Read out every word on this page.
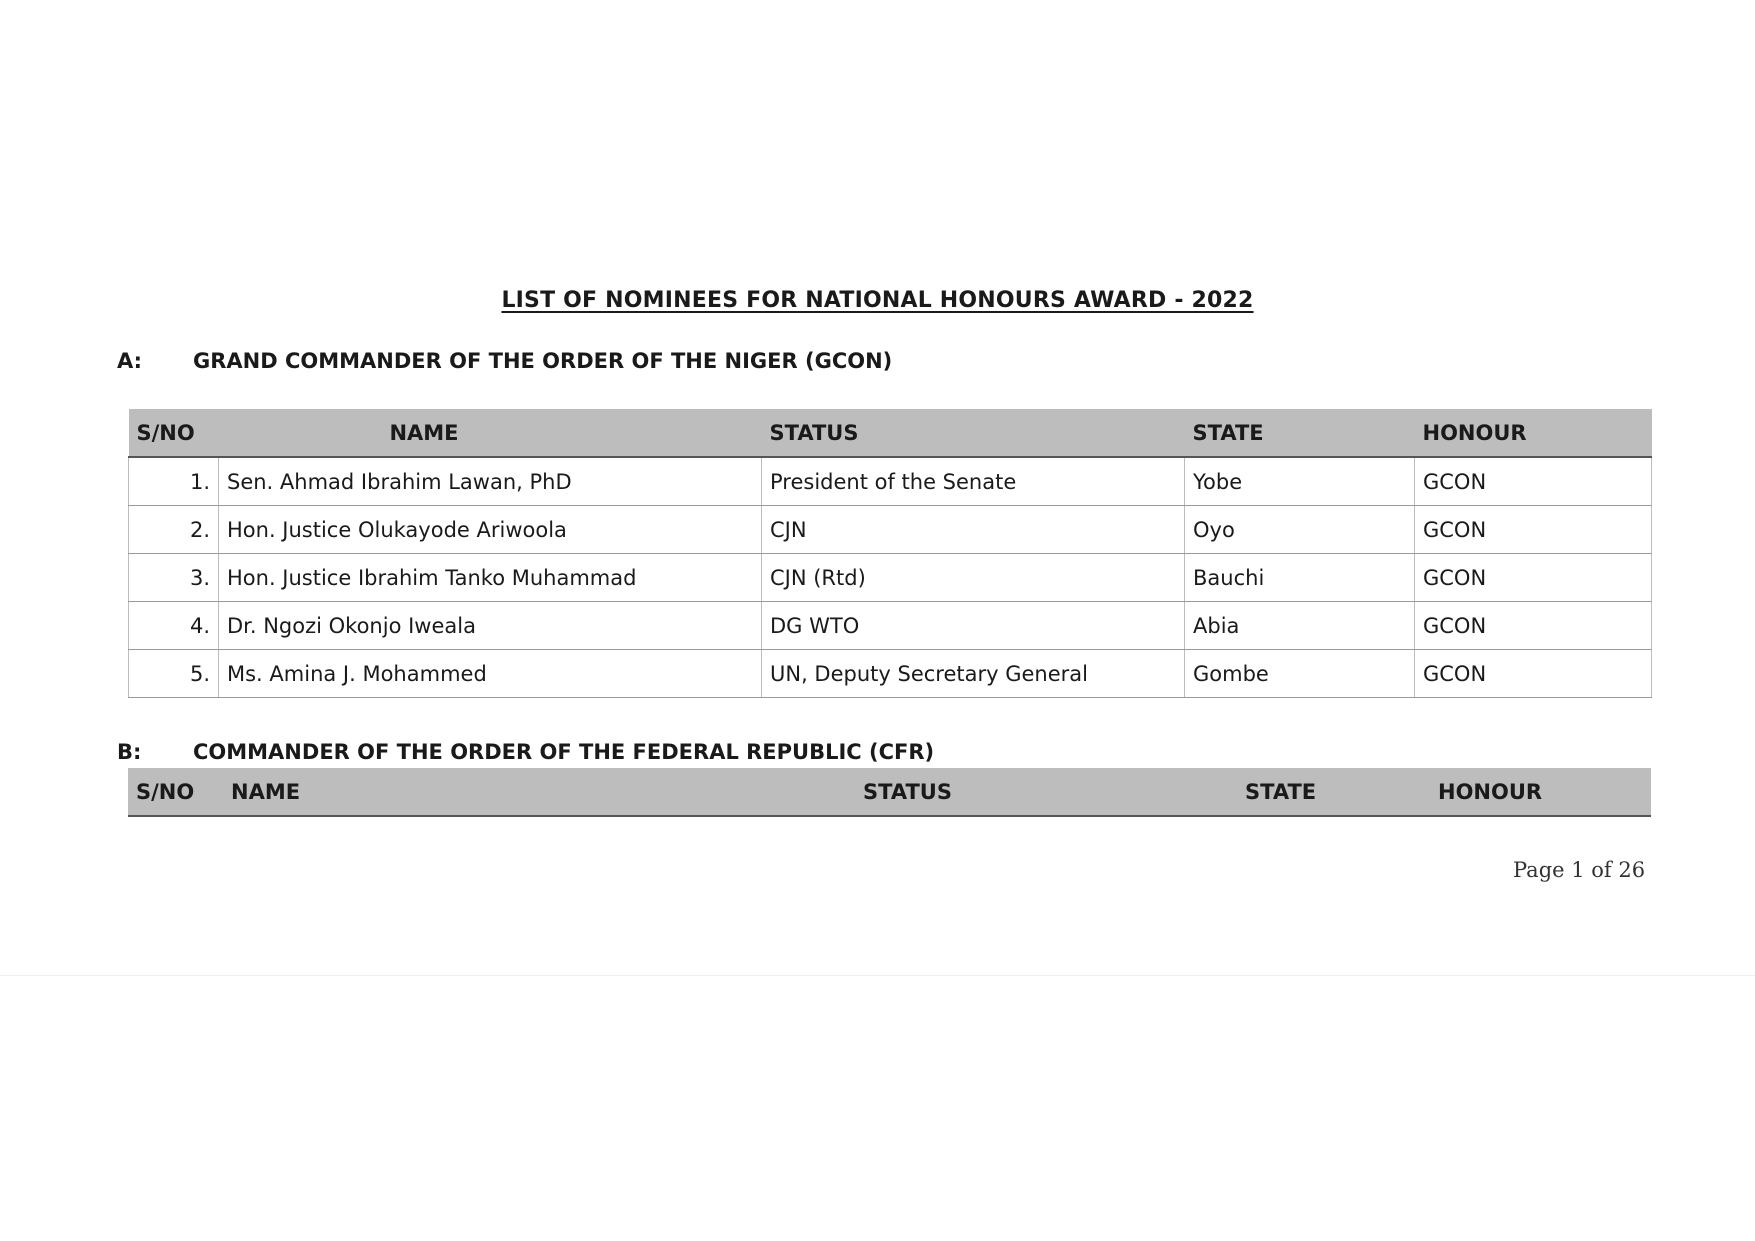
LIST OF NOMINEES FOR NATIONAL HONOURS AWARD - 2022
A: GRAND COMMANDER OF THE ORDER OF THE NIGER (GCON)
S/NO	NAME	STATUS	STATE	HONOUR
1.	Sen. Ahmad Ibrahim Lawan, PhD	President of the Senate	Yobe	GCON
2.	Hon. Justice Olukayode Ariwoola	CJN	Oyo	GCON
3.	Hon. Justice Ibrahim Tanko Muhammad	CJN (Rtd)	Bauchi	GCON
4.	Dr. Ngozi Okonjo Iweala	DG WTO	Abia	GCON
5.	Ms. Amina J. Mohammed	UN, Deputy Secretary General	Gombe	GCON
B: COMMANDER OF THE ORDER OF THE FEDERAL REPUBLIC (CFR)
S/NO	NAME	STATUS	STATE	HONOUR
Page 1 of 26
